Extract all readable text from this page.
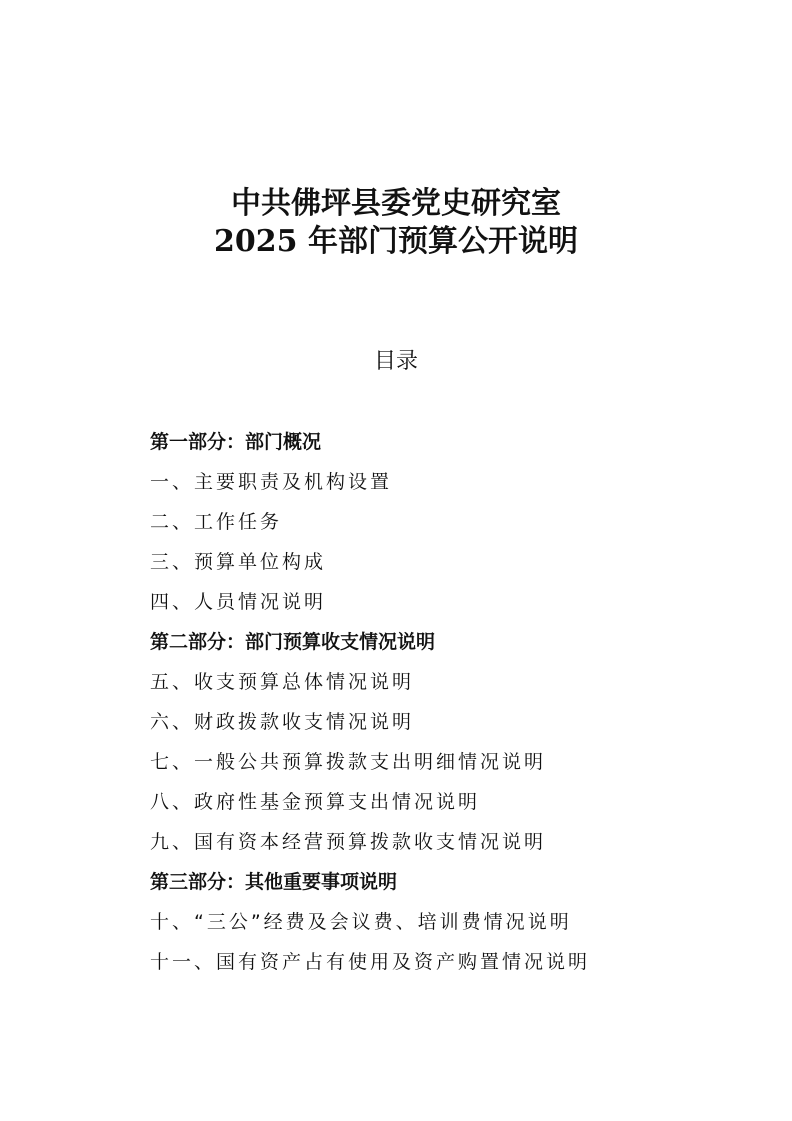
中共佛坪县委党史研究室
2025 年部门预算公开说明
目录
第一部分：部门概况
一、主要职责及机构设置
二、工作任务
三、预算单位构成
四、人员情况说明
第二部分：部门预算收支情况说明
五、收支预算总体情况说明
六、财政拨款收支情况说明
七、一般公共预算拨款支出明细情况说明
八、政府性基金预算支出情况说明
九、国有资本经营预算拨款收支情况说明
第三部分：其他重要事项说明
十、“三公”经费及会议费、培训费情况说明
十一、国有资产占有使用及资产购置情况说明
